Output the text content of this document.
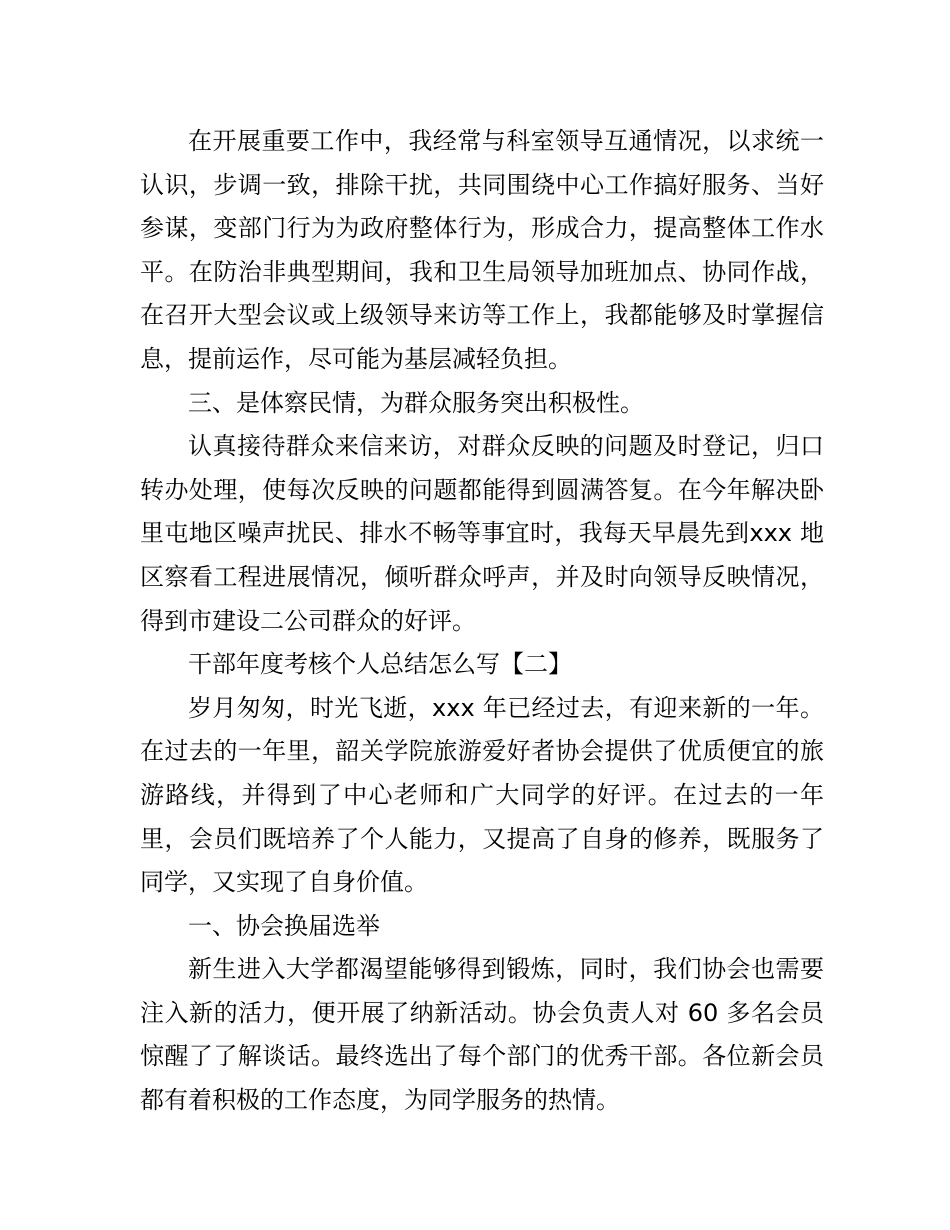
在开展重要工作中，我经常与科室领导互通情况，以求统一认识，步调一致，排除干扰，共同围绕中心工作搞好服务、当好参谋，变部门行为为政府整体行为，形成合力，提高整体工作水平。在防治非典型期间，我和卫生局领导加班加点、协同作战，在召开大型会议或上级领导来访等工作上，我都能够及时掌握信息，提前运作，尽可能为基层减轻负担。

三、是体察民情，为群众服务突出积极性。

认真接待群众来信来访，对群众反映的问题及时登记，归口转办处理，使每次反映的问题都能得到圆满答复。在今年解决卧里屯地区噪声扰民、排水不畅等事宜时，我每天早晨先到xxx 地区察看工程进展情况，倾听群众呼声，并及时向领导反映情况，得到市建设二公司群众的好评。

干部年度考核个人总结怎么写【二】

岁月匆匆，时光飞逝，xxx 年已经过去，有迎来新的一年。在过去的一年里，韶关学院旅游爱好者协会提供了优质便宜的旅游路线，并得到了中心老师和广大同学的好评。在过去的一年里，会员们既培养了个人能力，又提高了自身的修养，既服务了同学，又实现了自身价值。

一、协会换届选举

新生进入大学都渴望能够得到锻炼，同时，我们协会也需要注入新的活力，便开展了纳新活动。协会负责人对 60 多名会员惊醒了了解谈话。最终选出了每个部门的优秀干部。各位新会员都有着积极的工作态度，为同学服务的热情。
